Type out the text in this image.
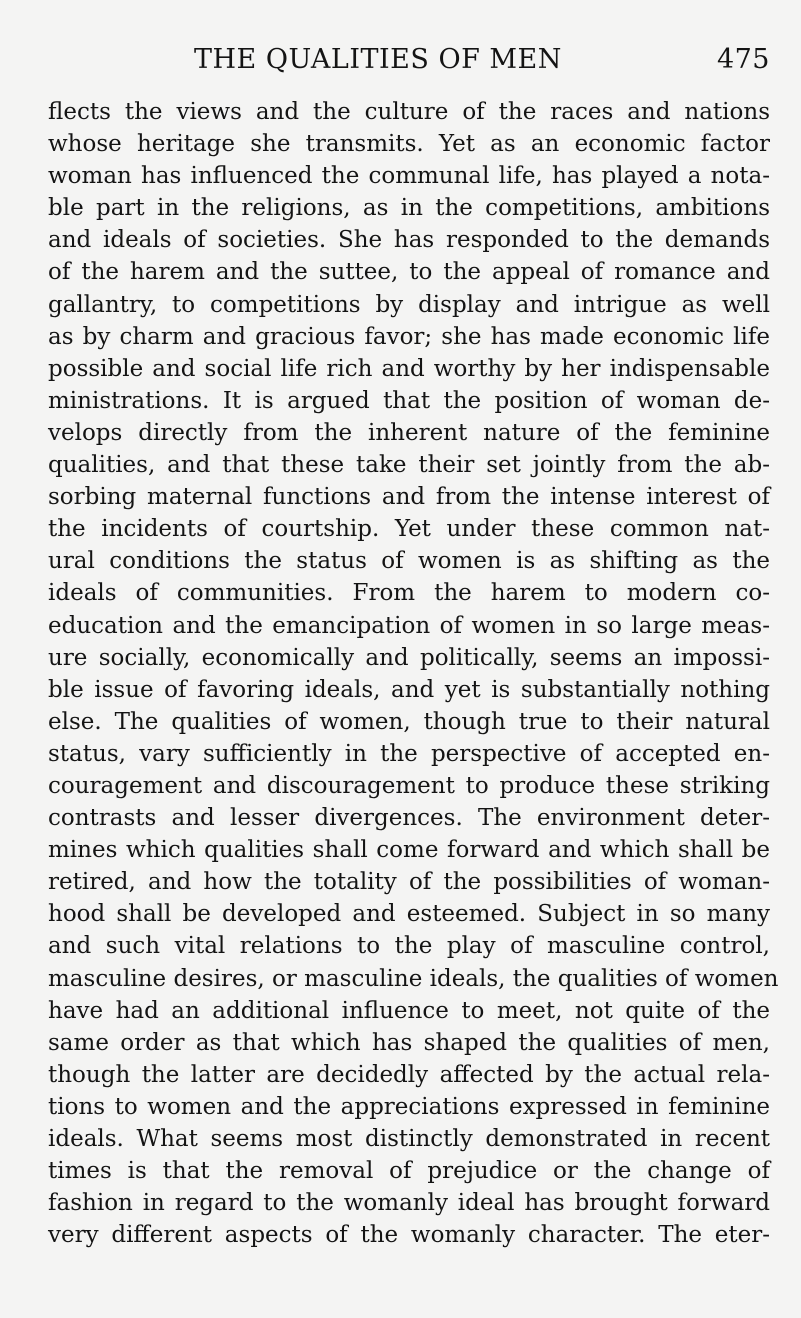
THE QUALITIES OF MEN	475
flects the views and the culture of the races and nations
whose heritage she transmits. Yet as an economic factor
woman has influenced the communal life, has played a nota-
ble part in the religions, as in the competitions, ambitions
and ideals of societies. She has responded to the demands
of the harem and the suttee, to the appeal of romance and
gallantry, to competitions by display and intrigue as well
as by charm and gracious favor; she has made economic life
possible and social life rich and worthy by her indispensable
ministrations. It is argued that the position of woman de-
velops directly from the inherent nature of the feminine
qualities, and that these take their set jointly from the ab-
sorbing maternal functions and from the intense interest of
the incidents of courtship. Yet under these common nat-
ural conditions the status of women is as shifting as the
ideals of communities. From the harem to modern co-
education and the emancipation of women in so large meas-
ure socially, economically and politically, seems an impossi-
ble issue of favoring ideals, and yet is substantially nothing
else. The qualities of women, though true to their natural
status, vary sufficiently in the perspective of accepted en-
couragement and discouragement to produce these striking
contrasts and lesser divergences. The environment deter-
mines which qualities shall come forward and which shall be
retired, and how the totality of the possibilities of woman-
hood shall be developed and esteemed. Subject in so many
and such vital relations to the play of masculine control,
masculine desires, or masculine ideals, the qualities of women
have had an additional influence to meet, not quite of the
same order as that which has shaped the qualities of men,
though the latter are decidedly affected by the actual rela-
tions to women and the appreciations expressed in feminine
ideals. What seems most distinctly demonstrated in recent
times is that the removal of prejudice or the change of
fashion in regard to the womanly ideal has brought forward
very different aspects of the womanly character. The eter-
